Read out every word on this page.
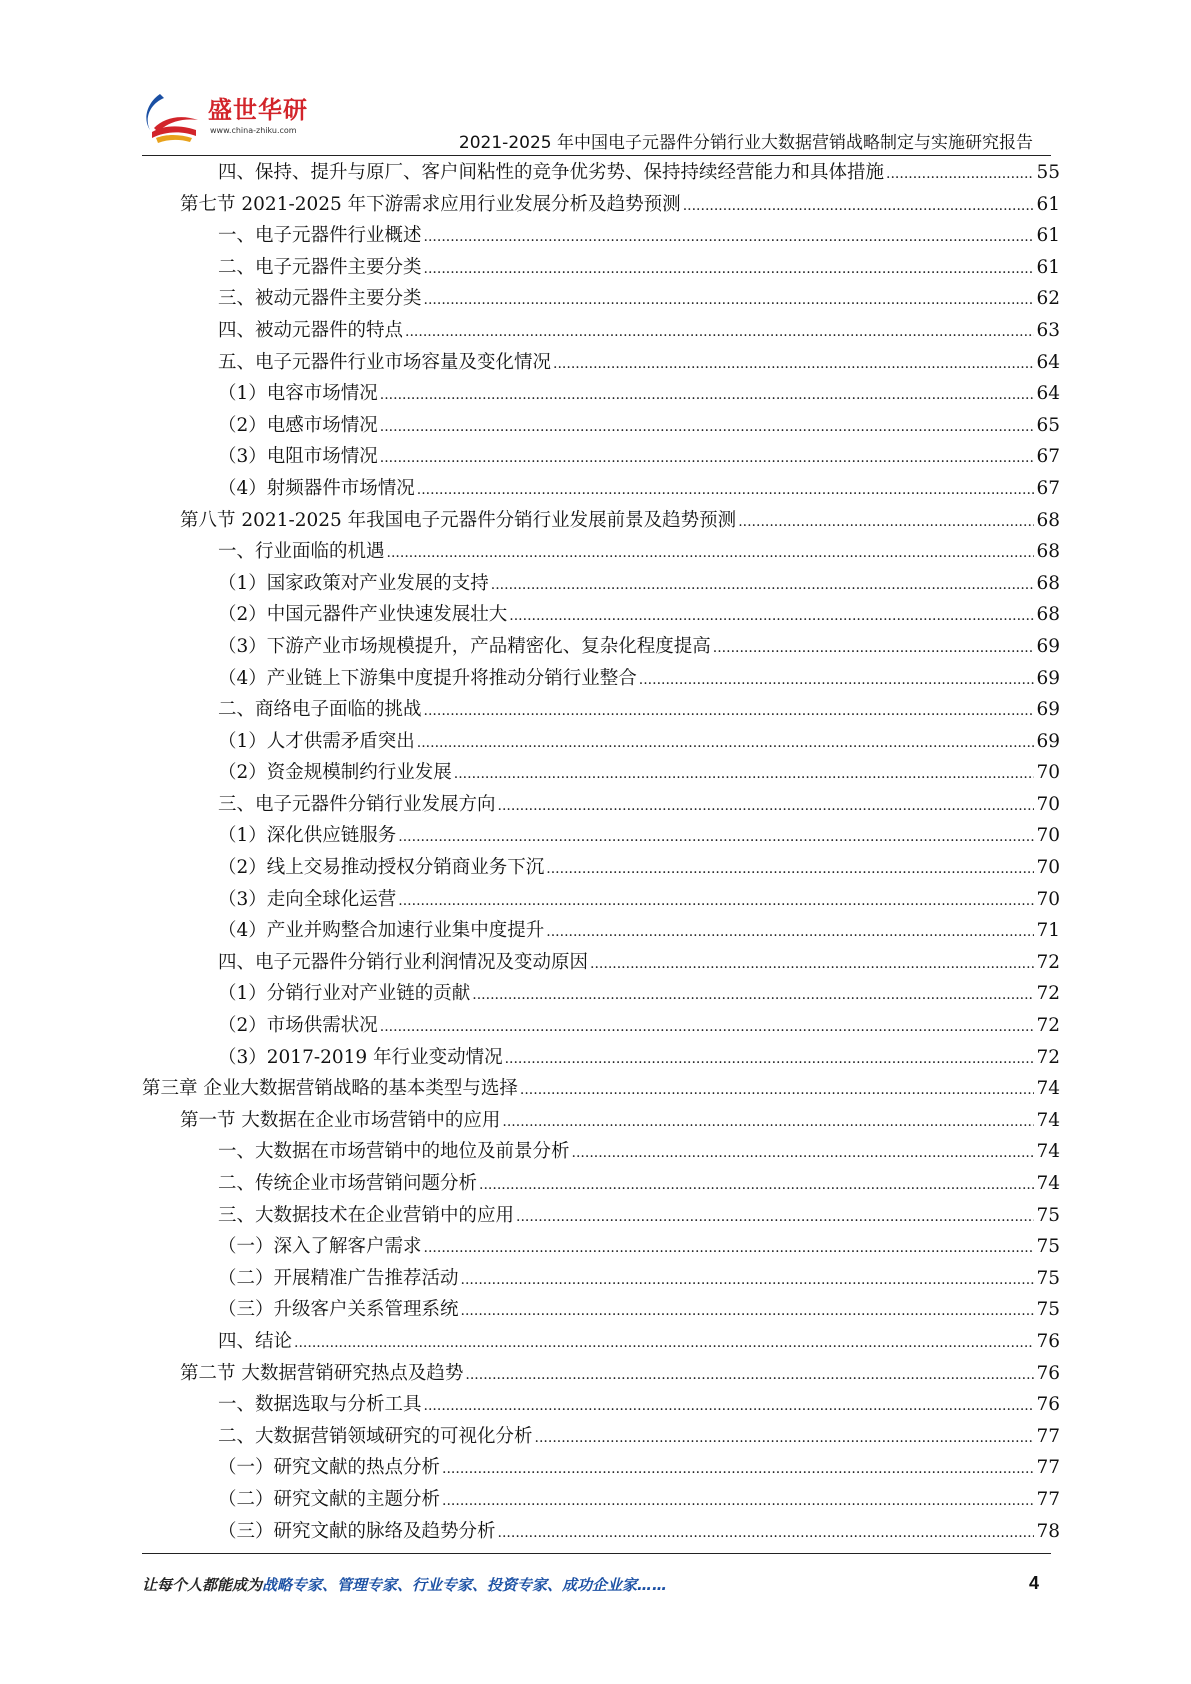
盛世华研
www.china-zhiku.com
2021-2025 年中国电子元器件分销行业大数据营销战略制定与实施研究报告
四、保持、提升与原厂、客户间粘性的竞争优劣势、保持持续经营能力和具体措施 .....	55
第七节 2021-2025 年下游需求应用行业发展分析及趋势预测 .....	61
一、电子元器件行业概述 .....	61
二、电子元器件主要分类 .....	61
三、被动元器件主要分类 .....	62
四、被动元器件的特点 .....	63
五、电子元器件行业市场容量及变化情况 .....	64
（1）电容市场情况 .....	64
（2）电感市场情况 .....	65
（3）电阻市场情况 .....	67
（4）射频器件市场情况 .....	67
第八节 2021-2025 年我国电子元器件分销行业发展前景及趋势预测 .....	68
一、行业面临的机遇 .....	68
（1）国家政策对产业发展的支持 .....	68
（2）中国元器件产业快速发展壮大 .....	68
（3）下游产业市场规模提升，产品精密化、复杂化程度提高 .....	69
（4）产业链上下游集中度提升将推动分销行业整合 .....	69
二、商络电子面临的挑战 .....	69
（1）人才供需矛盾突出 .....	69
（2）资金规模制约行业发展 .....	70
三、电子元器件分销行业发展方向 .....	70
（1）深化供应链服务 .....	70
（2）线上交易推动授权分销商业务下沉 .....	70
（3）走向全球化运营 .....	70
（4）产业并购整合加速行业集中度提升 .....	71
四、电子元器件分销行业利润情况及变动原因 .....	72
（1）分销行业对产业链的贡献 .....	72
（2）市场供需状况 .....	72
（3）2017-2019 年行业变动情况 .....	72
第三章 企业大数据营销战略的基本类型与选择 .....	74
第一节 大数据在企业市场营销中的应用 .....	74
一、大数据在市场营销中的地位及前景分析 .....	74
二、传统企业市场营销问题分析 .....	74
三、大数据技术在企业营销中的应用 .....	75
（一）深入了解客户需求 .....	75
（二）开展精准广告推荐活动 .....	75
（三）升级客户关系管理系统 .....	75
四、结论 .....	76
第二节 大数据营销研究热点及趋势 .....	76
一、数据选取与分析工具 .....	76
二、大数据营销领域研究的可视化分析 .....	77
（一）研究文献的热点分析 .....	77
（二）研究文献的主题分析 .....	77
（三）研究文献的脉络及趋势分析 .....	78
让每个人都能成为战略专家、管理专家、行业专家、投资专家、成功企业家……	4
